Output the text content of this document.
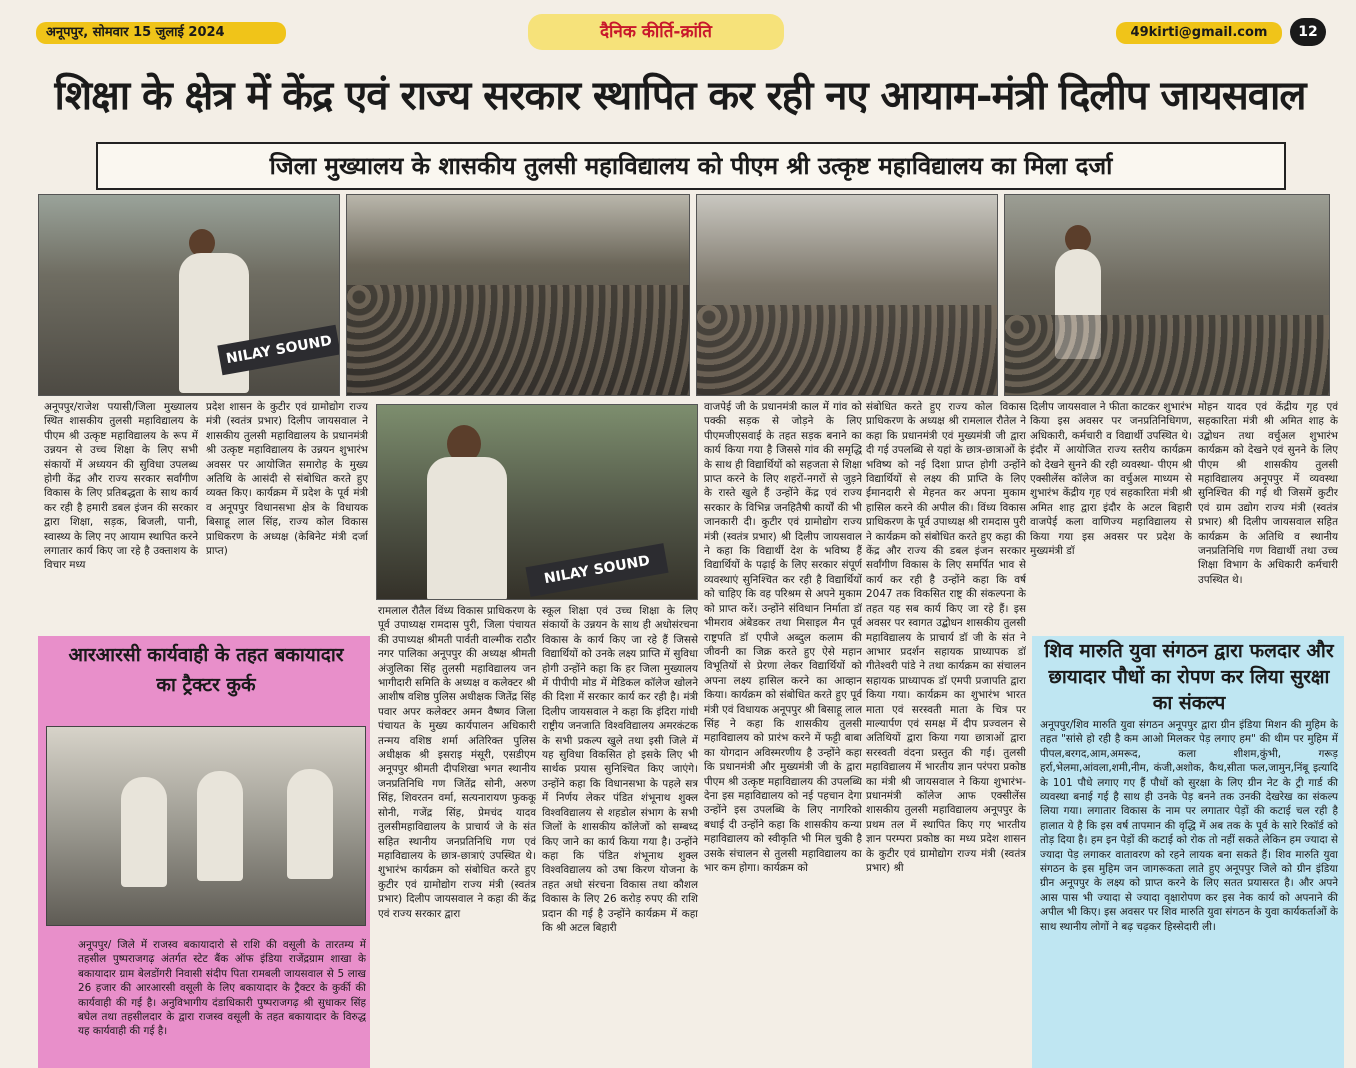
अनूपपुर, सोमवार 15 जुलाई 2024	दैनिक कीर्ति-क्रांति	49kirti@gmail.com	12
शिक्षा के क्षेत्र में केंद्र एवं राज्य सरकार स्थापित कर रही नए आयाम-मंत्री दिलीप जायसवाल
जिला मुख्यालय के शासकीय तुलसी महाविद्यालय को पीएम श्री उत्कृष्ट महाविद्यालय का मिला दर्जा
NILAY SOUND
अनूपपुर/राजेश पयासी/जिला मुख्यालय स्थित शासकीय तुलसी महाविद्यालय के पीएम श्री उत्कृष्ट महाविद्यालय के रूप में उन्नयन से उच्च शिक्षा के लिए सभी संकायों में अध्ययन की सुविधा उपलब्ध होगी केंद्र और राज्य सरकार सर्वांगीण विकास के लिए प्रतिबद्धता के साथ कार्य कर रही है हमारी डबल इंजन की सरकार द्वारा शिक्षा, सड़क, बिजली, पानी, स्वास्थ्य के लिए नए आयाम स्थापित करने लगातार कार्य किए जा रहे है उक्ताशय के विचार मध्य
प्रदेश शासन के कुटीर एवं ग्रामोद्योग राज्य मंत्री (स्वतंत्र प्रभार) दिलीप जायसवाल ने शासकीय तुलसी महाविद्यालय के प्रधानमंत्री श्री उत्कृष्ट महाविद्यालय के उन्नयन शुभारंभ अवसर पर आयोजित समारोह के मुख्य अतिथि के आसंदी से संबोधित करते हुए व्यक्त किए। कार्यक्रम में प्रदेश के पूर्व मंत्री व अनूपपुर विधानसभा क्षेत्र के विधायक बिसाहू लाल सिंह, राज्य कोल विकास प्राधिकरण के अध्यक्ष (केबिनेट मंत्री दर्जा प्राप्त)
NILAY SOUND
रामलाल रौतैल विंध्य विकास प्राधिकरण के पूर्व उपाध्यक्ष रामदास पुरी, जिला पंचायत की उपाध्यक्ष श्रीमती पार्वती वाल्मीक राठौर नगर पालिका अनूपपुर की अध्यक्ष श्रीमती अंजुलिका सिंह तुलसी महाविद्यालय जन भागीदारी समिति के अध्यक्ष व कलेक्टर श्री आशीष वशिष्ठ पुलिस अधीक्षक जितेंद्र सिंह पवार अपर कलेक्टर अमन वैष्णव जिला पंचायत के मुख्य कार्यपालन अधिकारी तन्मय वशिष्ठ शर्मा अतिरिक्त पुलिस अधीक्षक श्री इसराइ मंसूरी, एसडीएम अनूपपुर श्रीमती दीपशिखा भगत स्थानीय जनप्रतिनिधि गण जितेंद्र सोनी, अरुण सिंह, शिवरतन वर्मा, सत्यनारायण फुककू सोनी, गजेंद्र सिंह, प्रेमचंद यादव तुलसीमहाविद्यालय के प्राचार्य जे के संत सहित स्थानीय जनप्रतिनिधि गण एवं महाविद्यालय के छात्र-छात्राएं उपस्थित थे। शुभारंभ कार्यक्रम को संबोधित करते हुए कुटीर एवं ग्रामोद्योग राज्य मंत्री (स्वतंत्र प्रभार) दिलीप जायसवाल ने कहा की केंद्र एवं राज्य सरकार द्वारा
स्कूल शिक्षा एवं उच्च शिक्षा के लिए संकायों के उन्नयन के साथ ही अधोसंरचना विकास के कार्य किए जा रहे हैं जिससे विद्यार्थियों को उनके लक्ष्य प्राप्ति में सुविधा होगी उन्होंने कहा कि हर जिला मुख्यालय में पीपीपी मोड में मेडिकल कॉलेज खोलने की दिशा में सरकार कार्य कर रही है। मंत्री दिलीप जायसवाल ने कहा कि इंदिरा गांधी राष्ट्रीय जनजाति विश्वविद्यालय अमरकंटक के सभी प्रकल्प खुले तथा इसी जिले में यह सुविधा विकसित हो इसके लिए भी सार्थक प्रयास सुनिश्चित किए जाएंगे। उन्होंने कहा कि विधानसभा के पहले सत्र में निर्णय लेकर पंडित शंभूनाथ शुक्ल विश्वविद्यालय से शहडोल संभाग के सभी जिलों के शासकीय कॉलेजों को सम्बध्द किए जाने का कार्य किया गया है। उन्होंने कहा कि पंडित शंभूनाथ शुक्ल विश्वविद्यालय को उषा किरण योजना के तहत अधो संरचना विकास तथा कौशल विकास के लिए 26 करोड़ रुपए की राशि प्रदान की गई है उन्होंने कार्यक्रम में कहा कि श्री अटल बिहारी
वाजपेई जी के प्रधानमंत्री काल में गांव को पक्की सड़क से जोड़ने के लिए पीएमजीएसवाई के तहत सड़क बनाने का कार्य किया गया है जिससे गांव की समृद्धि के साथ ही विद्यार्थियों को सहजता से शिक्षा प्राप्त करने के लिए शहरों-नगरों से जुड़ने के रास्ते खुले हैं उन्होंने केंद्र एवं राज्य सरकार के विभिन्न जनहितैषी कार्यों की भी जानकारी दी। कुटीर एवं ग्रामोद्योग राज्य मंत्री (स्वतंत्र प्रभार) श्री दिलीप जायसवाल ने कहा कि विद्यार्थी देश के भविष्य हैं विद्यार्थियों के पढ़ाई के लिए सरकार संपूर्ण व्यवस्थाएं सुनिश्चित कर रही है विद्यार्थियों को चाहिए कि वह परिश्रम से अपने मुकाम को प्राप्त करें। उन्होंने संविधान निर्माता डॉ भीमराव अंबेडकर तथा मिसाइल मैन पूर्व राष्ट्रपति डॉ एपीजे अब्दुल कलाम की जीवनी का जिक्र करते हुए ऐसे महान विभूतियों से प्रेरणा लेकर विद्यार्थियों को अपना लक्ष्य हासिल करने का आव्हान किया। कार्यक्रम को संबोधित करते हुए पूर्व मंत्री एवं विधायक अनूपपुर श्री बिसाहू लाल सिंह ने कहा कि शासकीय तुलसी महाविद्यालय को प्रारंभ करने में फट्टी बाबा का योगदान अविस्मरणीय है उन्होंने कहा कि प्रधानमंत्री और मुख्यमंत्री जी के द्वारा पीएम श्री उत्कृष्ट महाविद्यालय की उपलब्धि देना इस महाविद्यालय को नई पहचान देगा उन्होंने इस उपलब्धि के लिए नागरिको बधाई दी उन्होंने कहा कि शासकीय कन्या महाविद्यालय को स्वीकृति भी मिल चुकी है उसके संचालन से तुलसी महाविद्यालय का भार कम होगा। कार्यक्रम को
संबोधित करते हुए राज्य कोल विकास प्राधिकरण के अध्यक्ष श्री रामलाल रौतेल ने कहा कि प्रधानमंत्री एवं मुख्यमंत्री जी द्वारा दी गई उपलब्धि से यहां के छात्र-छात्राओं के भविष्य को नई दिशा प्राप्त होगी उन्होंने विद्यार्थियों से लक्ष्य की प्राप्ति के लिए ईमानदारी से मेहनत कर अपना मुकाम हासिल करने की अपील की। विंध्य विकास प्राधिकरण के पूर्व उपाध्यक्ष श्री रामदास पुरी ने कार्यक्रम को संबोधित करते हुए कहा की केंद्र और राज्य की डबल इंजन सरकार सर्वांगीण विकास के लिए समर्पित भाव से कार्य कर रही है उन्होंने कहा कि वर्ष 2047 तक विकसित राष्ट्र की संकल्पना के तहत यह सब कार्य किए जा रहे हैं। इस अवसर पर स्वागत उद्बोधन शासकीय तुलसी महाविद्यालय के प्राचार्य डॉ जी के संत ने आभार प्रदर्शन सहायक प्राध्यापक डॉ गीतेश्वरी पांडे ने तथा कार्यक्रम का संचालन सहायक प्राध्यापक डॉ एमपी प्रजापति द्वारा किया गया। कार्यक्रम का शुभारंभ भारत माता एवं सरस्वती माता के चित्र पर माल्यार्पण एवं समक्ष में दीप प्रज्वलन से अतिथियों द्वारा किया गया छात्राओं द्वारा सरस्वती वंदना प्रस्तुत की गई। तुलसी महाविद्यालय में भारतीय ज्ञान परंपरा प्रकोष्ठ का मंत्री श्री जायसवाल ने किया शुभारंभ- प्रधानमंत्री कॉलेज आफ एक्सीलेंस शासकीय तुलसी महाविद्यालय अनूपपुर के प्रथम तल में स्थापित किए गए भारतीय ज्ञान परम्परा प्रकोष्ठ का मध्य प्रदेश शासन के कुटीर एवं ग्रामोद्योग राज्य मंत्री (स्वतंत्र प्रभार) श्री
दिलीप जायसवाल ने फीता काटकर शुभारंभ किया इस अवसर पर जनप्रतिनिधिगण, अधिकारी, कर्मचारी व विद्यार्थी उपस्थित थे। इंदौर में आयोजित राज्य स्तरीय कार्यक्रम को देखने सुनने की रही व्यवस्था- पीएम श्री एक्सीलेंस कॉलेज का वर्चुअल माध्यम से शुभारंभ केंद्रीय गृह एवं सहकारिता मंत्री श्री अमित शाह द्वारा इंदौर के अटल बिहारी वाजपेई कला वाणिज्य महाविद्यालय से किया गया इस अवसर पर प्रदेश के मुख्यमंत्री डॉ
मोहन यादव एवं केंद्रीय गृह एवं सहकारिता मंत्री श्री अमित शाह के उद्बोधन तथा वर्चुअल शुभारंभ कार्यक्रम को देखने एवं सुनने के लिए पीएम श्री शासकीय तुलसी महाविद्यालय अनूपपुर में व्यवस्था सुनिश्चित की गई थी जिसमें कुटीर एवं ग्राम उद्योग राज्य मंत्री (स्वतंत्र प्रभार) श्री दिलीप जायसवाल सहित कार्यक्रम के अतिथि व स्थानीय जनप्रतिनिधि गण विद्यार्थी तथा उच्च शिक्षा विभाग के अधिकारी कर्मचारी उपस्थित थे।
आरआरसी कार्यवाही के तहत बकायादार का ट्रैक्टर कुर्क
अनूपपुर/ जिले में राजस्व बकायादारो से राशि की वसूली के तारतम्य में तहसील पुष्पराजगढ़ अंतर्गत स्टेट बैंक ऑफ इंडिया राजेंद्रग्राम शाखा के बकायादार ग्राम बेलडोंगरी निवासी संदीप पिता रामबली जायसवाल से 5 लाख 26 हजार की आरआरसी वसूली के लिए बकायादार के ट्रैक्टर के कुर्की की कार्यवाही की गई है। अनुविभागीय दंडाधिकारी पुष्पराजगढ़ श्री सुधाकर सिंह बघेल तथा तहसीलदार के द्वारा राजस्व वसूली के तहत बकायादार के विरुद्ध यह कार्यवाही की गई है।
शिव मारुति युवा संगठन द्वारा फलदार और छायादार पौधों का रोपण कर लिया सुरक्षा का संकल्प
अनूपपुर/शिव मारुति युवा संगठन अनूपपुर द्वारा ग्रीन इंडिया मिशन की मुहिम के तहत "सांसे हो रही है कम आओ मिलकर पेड़ लगाए हम" की थीम पर मुहिम में पीपल,बरगद,आम,अमरूद, कला शीशम,कुंभी, गरूड़ हर्रा,भेलमा,आंवला,शमी,नीम, कंजी,अशोक, कैथ,सीता फल,जामुन,निंबू इत्यादि के 101 पौधे लगाए गए हैं पौधों को सुरक्षा के लिए ग्रीन नेट के ट्री गार्ड की व्यवस्था बनाई गई है साथ ही उनके पेड़ बनने तक उनकी देखरेख का संकल्प लिया गया। लगातार विकास के नाम पर लगातार पेड़ों की कटाई चल रही है हालात ये है कि इस वर्ष तापमान की वृद्धि में अब तक के पूर्व के सारे रिकॉर्ड को तोड़ दिया है। हम इन पेड़ों की कटाई को रोक तो नहीं सकते लेकिन हम ज्यादा से ज्यादा पेड़ लगाकर वातावरण को रहने लायक बना सकते हैं। शिव मारुति युवा संगठन के इस मुहिम जन जागरूकता लाते हुए अनूपपुर जिले को ग्रीन इंडिया ग्रीन अनूपपुर के लक्ष्य को प्राप्त करने के लिए सतत प्रयासरत है। और अपने आस पास भी ज्यादा से ज्यादा वृक्षारोपण कर इस नेक कार्य को अपनाने की अपील भी किए। इस अवसर पर शिव मारुति युवा संगठन के युवा कार्यकर्ताओं के साथ स्थानीय लोगों ने बढ़ चढ़कर हिस्सेदारी ली।
